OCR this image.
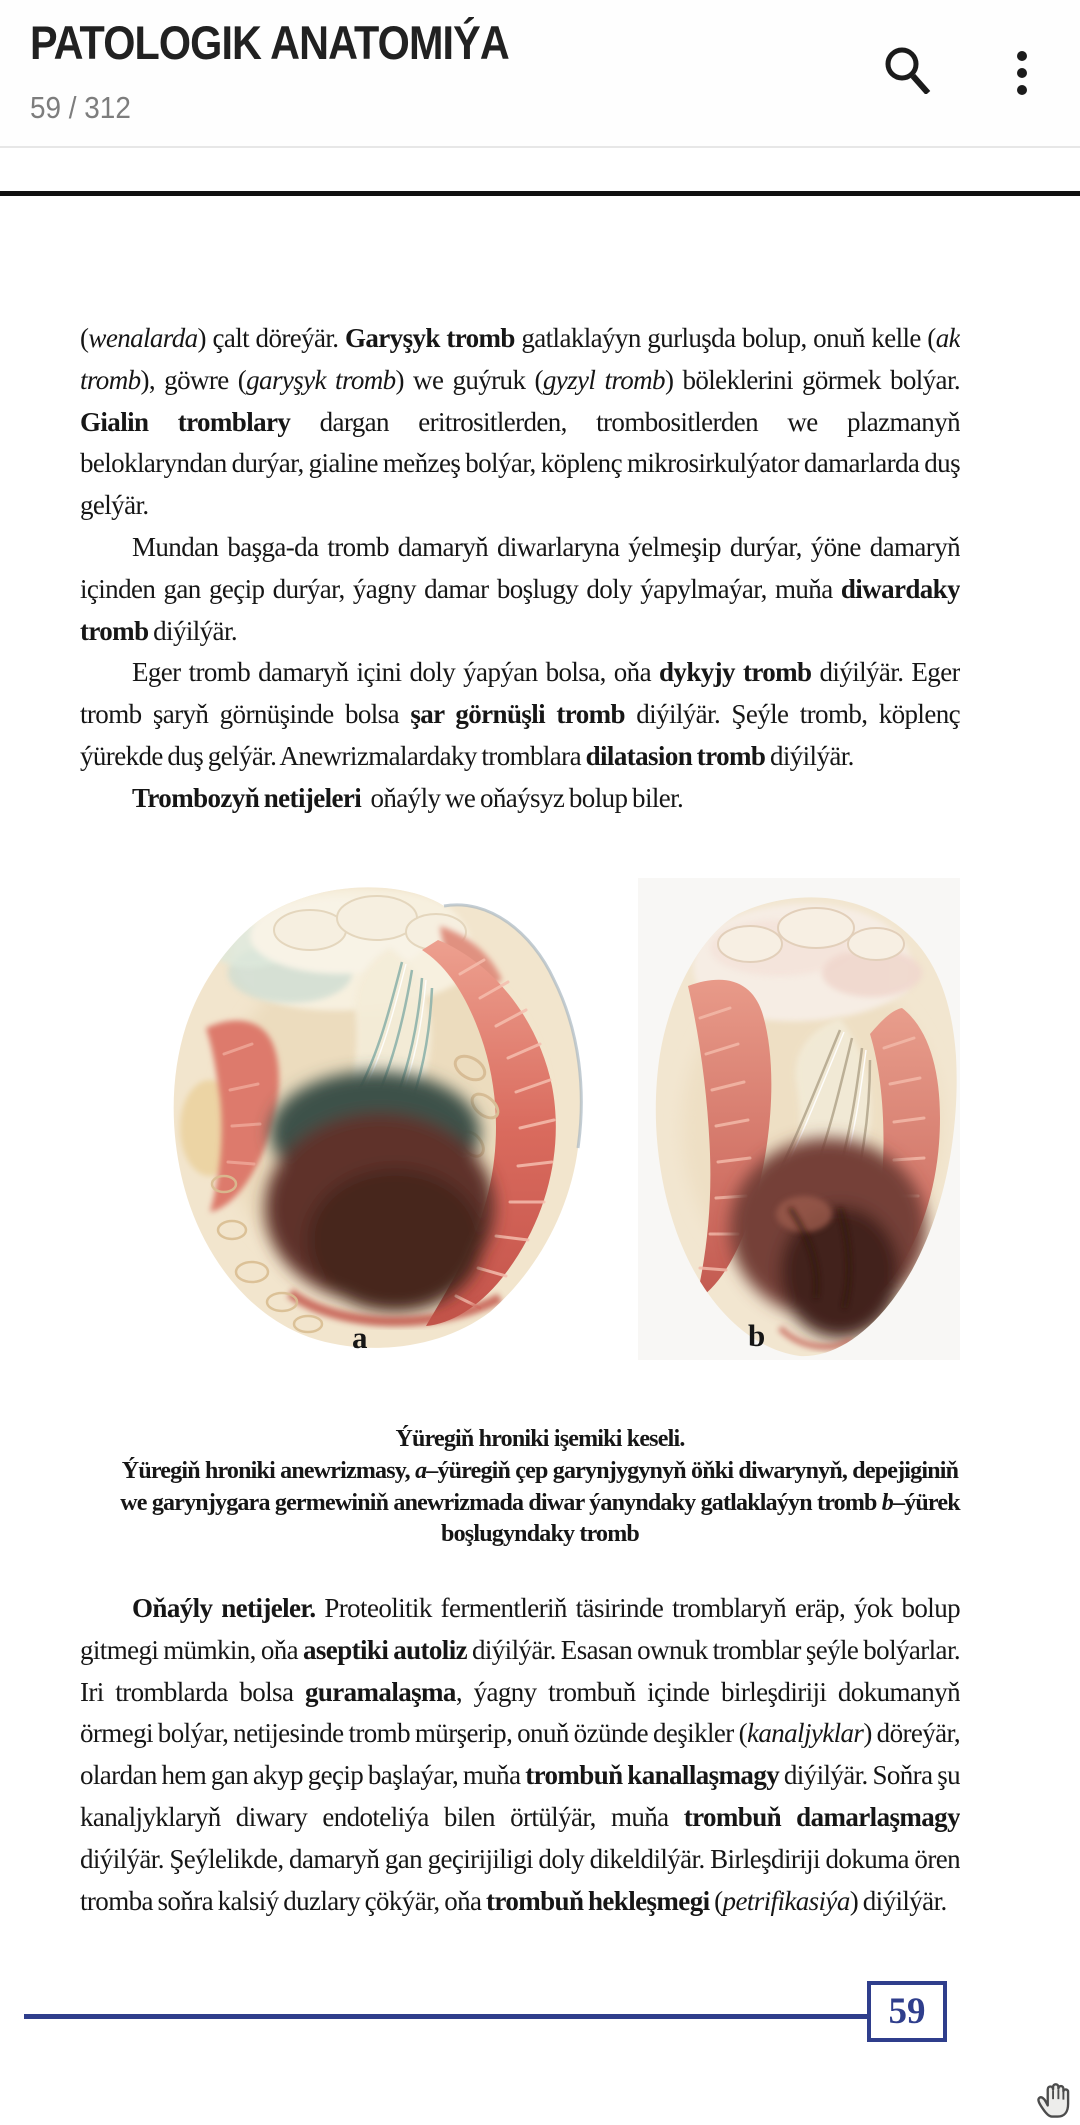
PATOLOGIK ANATOMIÝA
59 / 312

(wenalarda) çalt döreýär. Garyşyk tromb gatlaklaýyn gurluşda bolup, onuň kelle (ak tromb), göwre (garyşyk tromb) we guýruk (gyzyl tromb) böleklerini görmek bolýar. Gialin tromblary dargan eritrositlerden, trombositlerden we plazmanyň beloklaryndan durýar, gialine meňzeş bolýar, köplenç mikrosirkulýator damarlarda duş gelýär.

Mundan başga-da tromb damaryň diwarlaryna ýelmeşip durýar, ýöne damaryň içinden gan geçip durýar, ýagny damar boşlugy doly ýapylmaýar, muňa diwardaky tromb diýilýär.

Eger tromb damaryň içini doly ýapýan bolsa, oňa dykyjy tromb diýilýär. Eger tromb şaryň görnüşinde bolsa şar görnüşli tromb diýilýär. Şeýle tromb, köplenç ýürekde duş gelýär. Anewrizmalardaky tromblara dilatasion tromb diýilýär.

Trombozyň netijeleri  oňaýly we oňaýsyz bolup biler.

a	b
Ýüregiň hroniki işemiki keseli.
Ýüregiň hroniki anewrizmasy, a–ýüregiň çep garynjygynyň öňki diwarynyň, depejiginiň
we garynjygara germewiniň anewrizmada diwar ýanyndaky gatlaklaýyn tromb b–ýürek
boşlugyndaky tromb

Oňaýly netijeler. Proteolitik fermentleriň täsirinde tromblaryň eräp, ýok bolup gitmegi mümkin, oňa aseptiki autoliz diýilýär. Esasan ownuk tromblar şeýle bolýarlar. Iri tromblarda bolsa guramalaşma, ýagny trombuň içinde birleşdiriji dokumanyň örmegi bolýar, netijesinde tromb mürşerip, onuň özünde deşikler (kanaljyklar) döreýär, olardan hem gan akyp geçip başlaýar, muňa trombuň kanallaşmagy diýilýär. Soňra şu kanaljyklaryň diwary endoteliýa bilen örtülýär, muňa trombuň damarlaşmagy diýilýär. Şeýlelikde, damaryň gan geçirijiligi doly dikeldilýär. Birleşdiriji dokuma ören tromba soňra kalsiý duzlary çökýär, oňa trombuň hekleşmegi (petrifikasiýa) diýilýär.

59
